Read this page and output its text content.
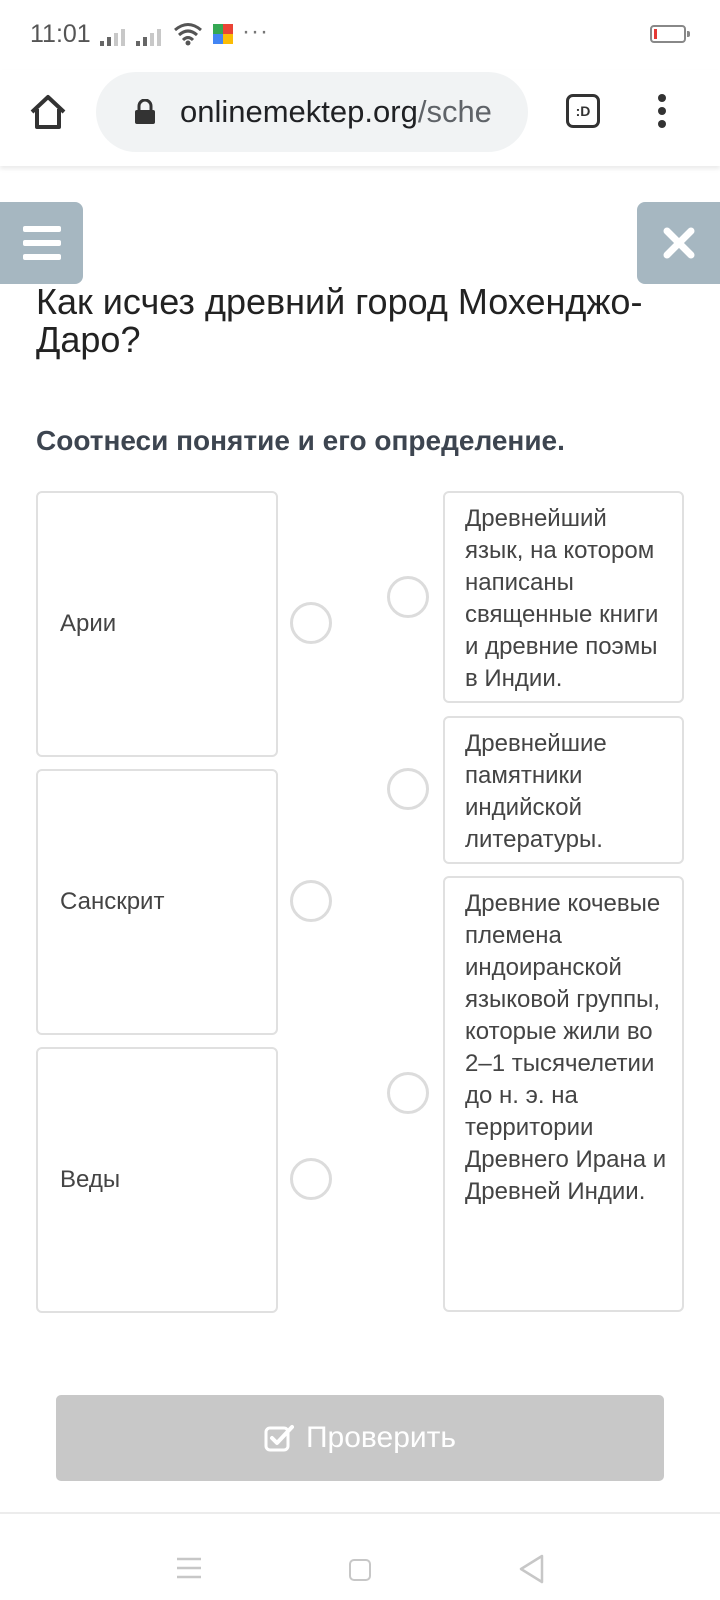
11:01	···
onlinemektep.org/sche	:D
Как исчез древний город Мохенджо-Даро?
Соотнеси понятие и его определение.
Арии
Санскрит
Веды
Древнейший язык, на котором написаны священные книги и древние поэмы в Индии.
Древнейшие памятники индийской литературы.
Древние кочевые племена индоиранской языковой группы, которые жили во 2–1 тысячелетии до н. э. на территории Древнего Ирана и Древней Индии.
Проверить
